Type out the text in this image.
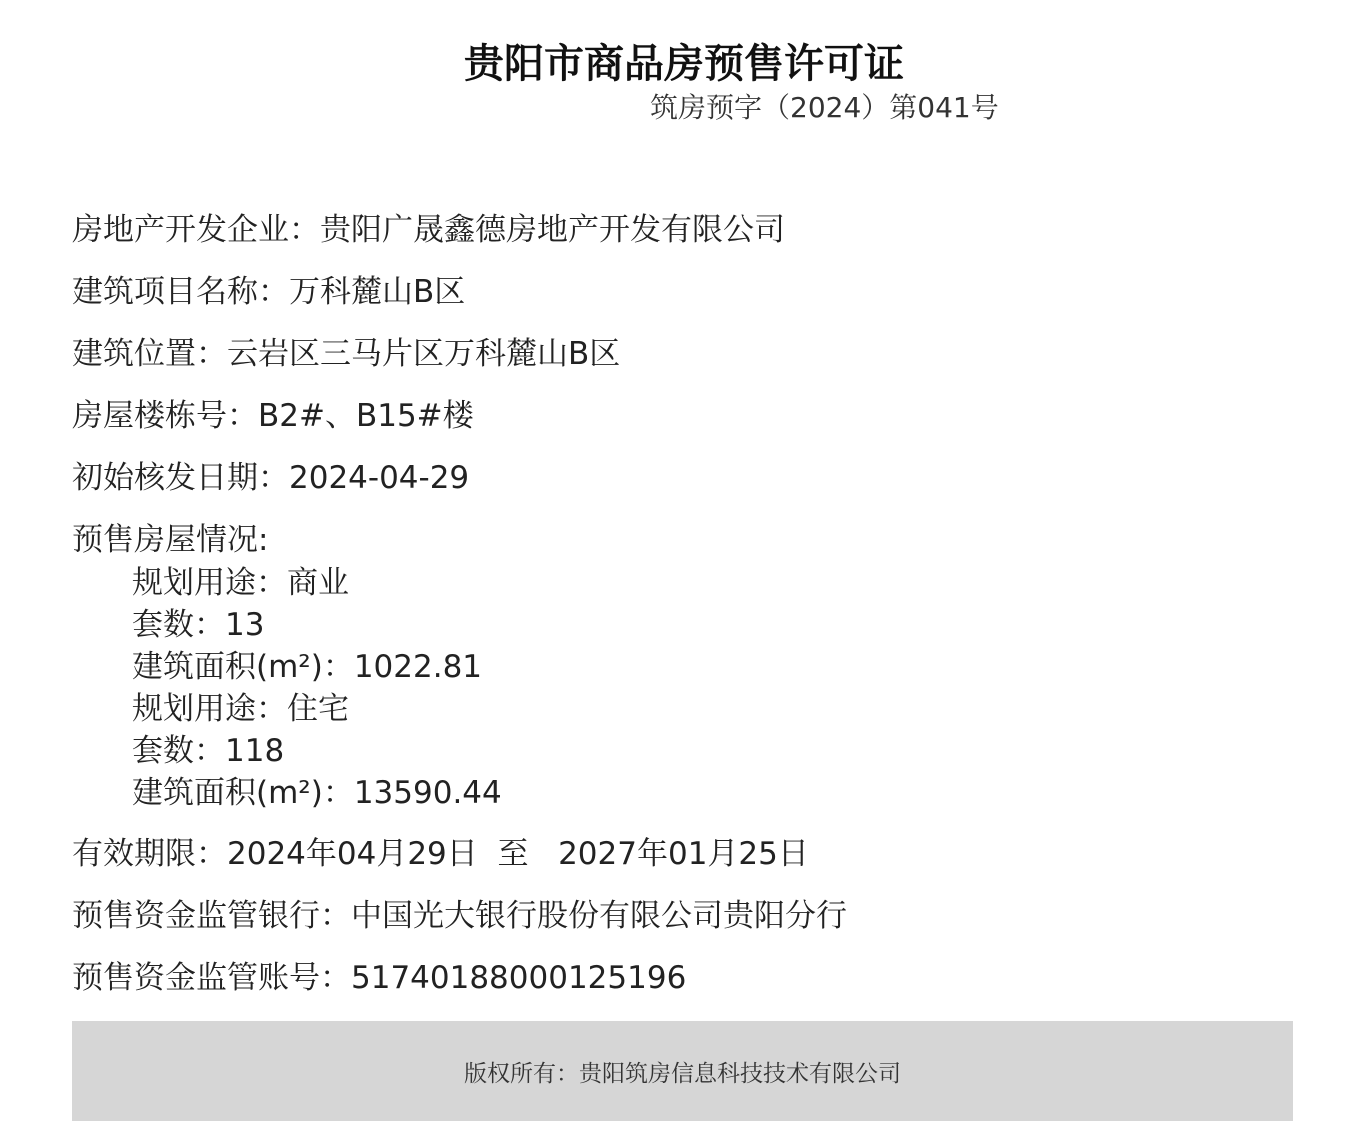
贵阳市商品房预售许可证
筑房预字（2024）第041号
房地产开发企业：贵阳广晟鑫德房地产开发有限公司
建筑项目名称：万科麓山B区
建筑位置：云岩区三马片区万科麓山B区
房屋楼栋号：B2#、B15#楼
初始核发日期：2024-04-29
预售房屋情况:
规划用途：商业
套数：13
建筑面积(m²)：1022.81
规划用途：住宅
套数：118
建筑面积(m²)：13590.44
有效期限：2024年04月29日 至 2027年01月25日
预售资金监管银行：中国光大银行股份有限公司贵阳分行
预售资金监管账号：51740188000125196
版权所有：贵阳筑房信息科技技术有限公司
